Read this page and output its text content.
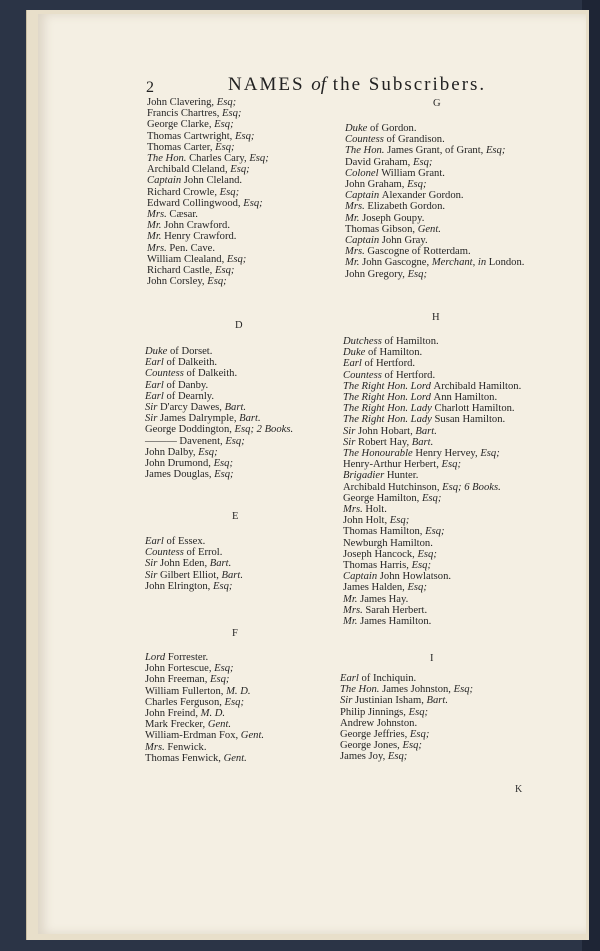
2	NAMES of the Subscribers.
G
D
H
E
F
I
John Clavering, Esq;
Francis Chartres, Esq;
George Clarke, Esq;
Thomas Cartwright, Esq;
Thomas Carter, Esq;
The Hon. Charles Cary, Esq;
Archibald Cleland, Esq;
Captain John Cleland.
Richard Crowle, Esq;
Edward Collingwood, Esq;
Mrs. Cæsar.
Mr. John Crawford.
Mr. Henry Crawford.
Mrs. Pen. Cave.
William Clealand, Esq;
Richard Castle, Esq;
John Corsley, Esq;
Duke of Gordon.
Countess of Grandison.
The Hon. James Grant, of Grant, Esq;
David Graham, Esq;
Colonel William Grant.
John Graham, Esq;
Captain Alexander Gordon.
Mrs. Elizabeth Gordon.
Mr. Joseph Goupy.
Thomas Gibson, Gent.
Captain John Gray.
Mrs. Gascogne of Rotterdam.
Mr. John Gascogne, Merchant, in London.
John Gregory, Esq;
Duke of Dorset.
Earl of Dalkeith.
Countess of Dalkeith.
Earl of Danby.
Earl of Dearnly.
Sir D'arcy Dawes, Bart.
Sir James Dalrymple, Bart.
George Doddington, Esq; 2 Books.
——— Davenent, Esq;
John Dalby, Esq;
John Drumond, Esq;
James Douglas, Esq;
Dutchess of Hamilton.
Duke of Hamilton.
Earl of Hertford.
Countess of Hertford.
The Right Hon. Lord Archibald Hamilton.
The Right Hon. Lord Ann Hamilton.
The Right Hon. Lady Charlott Hamilton.
The Right Hon. Lady Susan Hamilton.
Sir John Hobart, Bart.
Sir Robert Hay, Bart.
The Honourable Henry Hervey, Esq;
Henry-Arthur Herbert, Esq;
Brigadier Hunter.
Archibald Hutchinson, Esq; 6 Books.
George Hamilton, Esq;
Mrs. Holt.
John Holt, Esq;
Thomas Hamilton, Esq;
Newburgh Hamilton.
Joseph Hancock, Esq;
Thomas Harris, Esq;
Captain John Howlatson.
James Halden, Esq;
Mr. James Hay.
Mrs. Sarah Herbert.
Mr. James Hamilton.
Earl of Essex.
Countess of Errol.
Sir John Eden, Bart.
Sir Gilbert Elliot, Bart.
John Elrington, Esq;
Lord Forrester.
John Fortescue, Esq;
John Freeman, Esq;
William Fullerton, M. D.
Charles Ferguson, Esq;
John Freind, M. D.
Mark Frecker, Gent.
William-Erdman Fox, Gent.
Mrs. Fenwick.
Thomas Fenwick, Gent.
Earl of Inchiquin.
The Hon. James Johnston, Esq;
Sir Justinian Isham, Bart.
Philip Jinnings, Esq;
Andrew Johnston.
George Jeffries, Esq;
George Jones, Esq;
James Joy, Esq;
K
